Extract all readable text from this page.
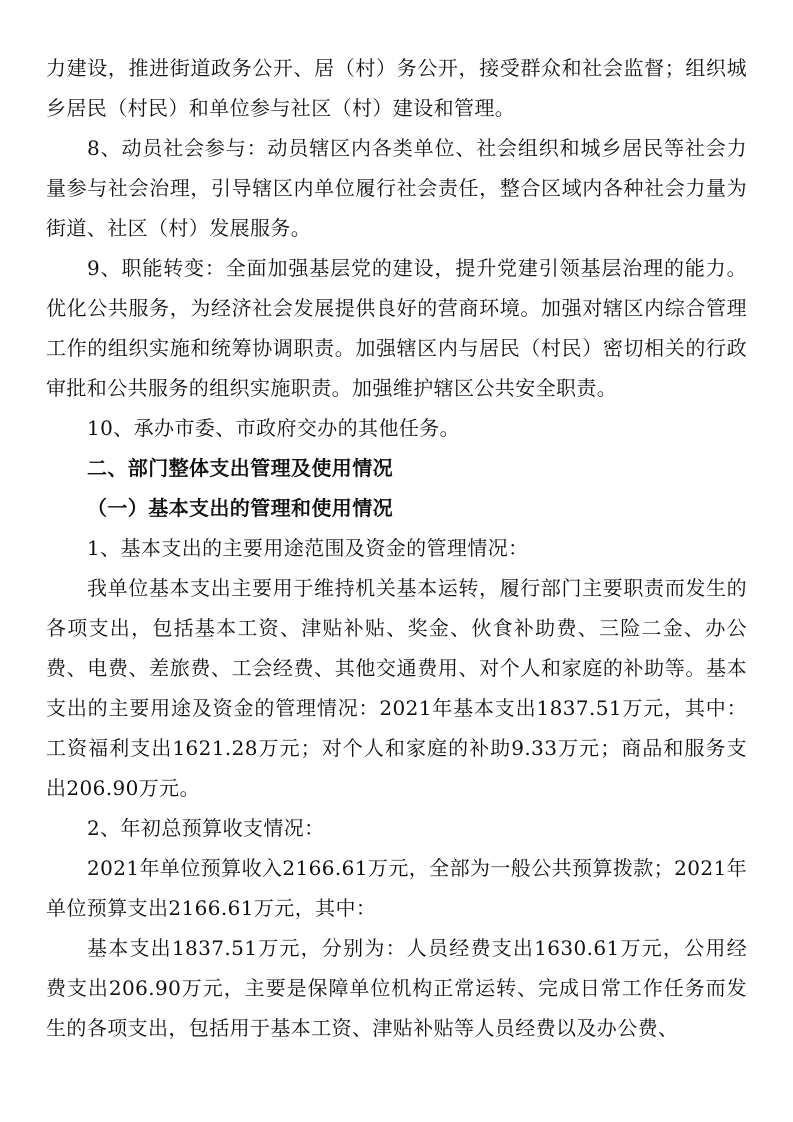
力建设，推进街道政务公开、居（村）务公开，接受群众和社会监督；组织城乡居民（村民）和单位参与社区（村）建设和管理。

8、动员社会参与：动员辖区内各类单位、社会组织和城乡居民等社会力量参与社会治理，引导辖区内单位履行社会责任，整合区域内各种社会力量为街道、社区（村）发展服务。

9、职能转变：全面加强基层党的建设，提升党建引领基层治理的能力。优化公共服务，为经济社会发展提供良好的营商环境。加强对辖区内综合管理工作的组织实施和统筹协调职责。加强辖区内与居民（村民）密切相关的行政审批和公共服务的组织实施职责。加强维护辖区公共安全职责。

10、承办市委、市政府交办的其他任务。

二、部门整体支出管理及使用情况

（一）基本支出的管理和使用情况

1、基本支出的主要用途范围及资金的管理情况：

我单位基本支出主要用于维持机关基本运转，履行部门主要职责而发生的各项支出，包括基本工资、津贴补贴、奖金、伙食补助费、三险二金、办公费、电费、差旅费、工会经费、其他交通费用、对个人和家庭的补助等。基本支出的主要用途及资金的管理情况：2021年基本支出1837.51万元，其中：工资福利支出1621.28万元；对个人和家庭的补助9.33万元；商品和服务支出206.90万元。

2、年初总预算收支情况：

2021年单位预算收入2166.61万元，全部为一般公共预算拨款；2021年单位预算支出2166.61万元，其中：

基本支出1837.51万元，分别为：人员经费支出1630.61万元，公用经费支出206.90万元，主要是保障单位机构正常运转、完成日常工作任务而发生的各项支出，包括用于基本工资、津贴补贴等人员经费以及办公费、
